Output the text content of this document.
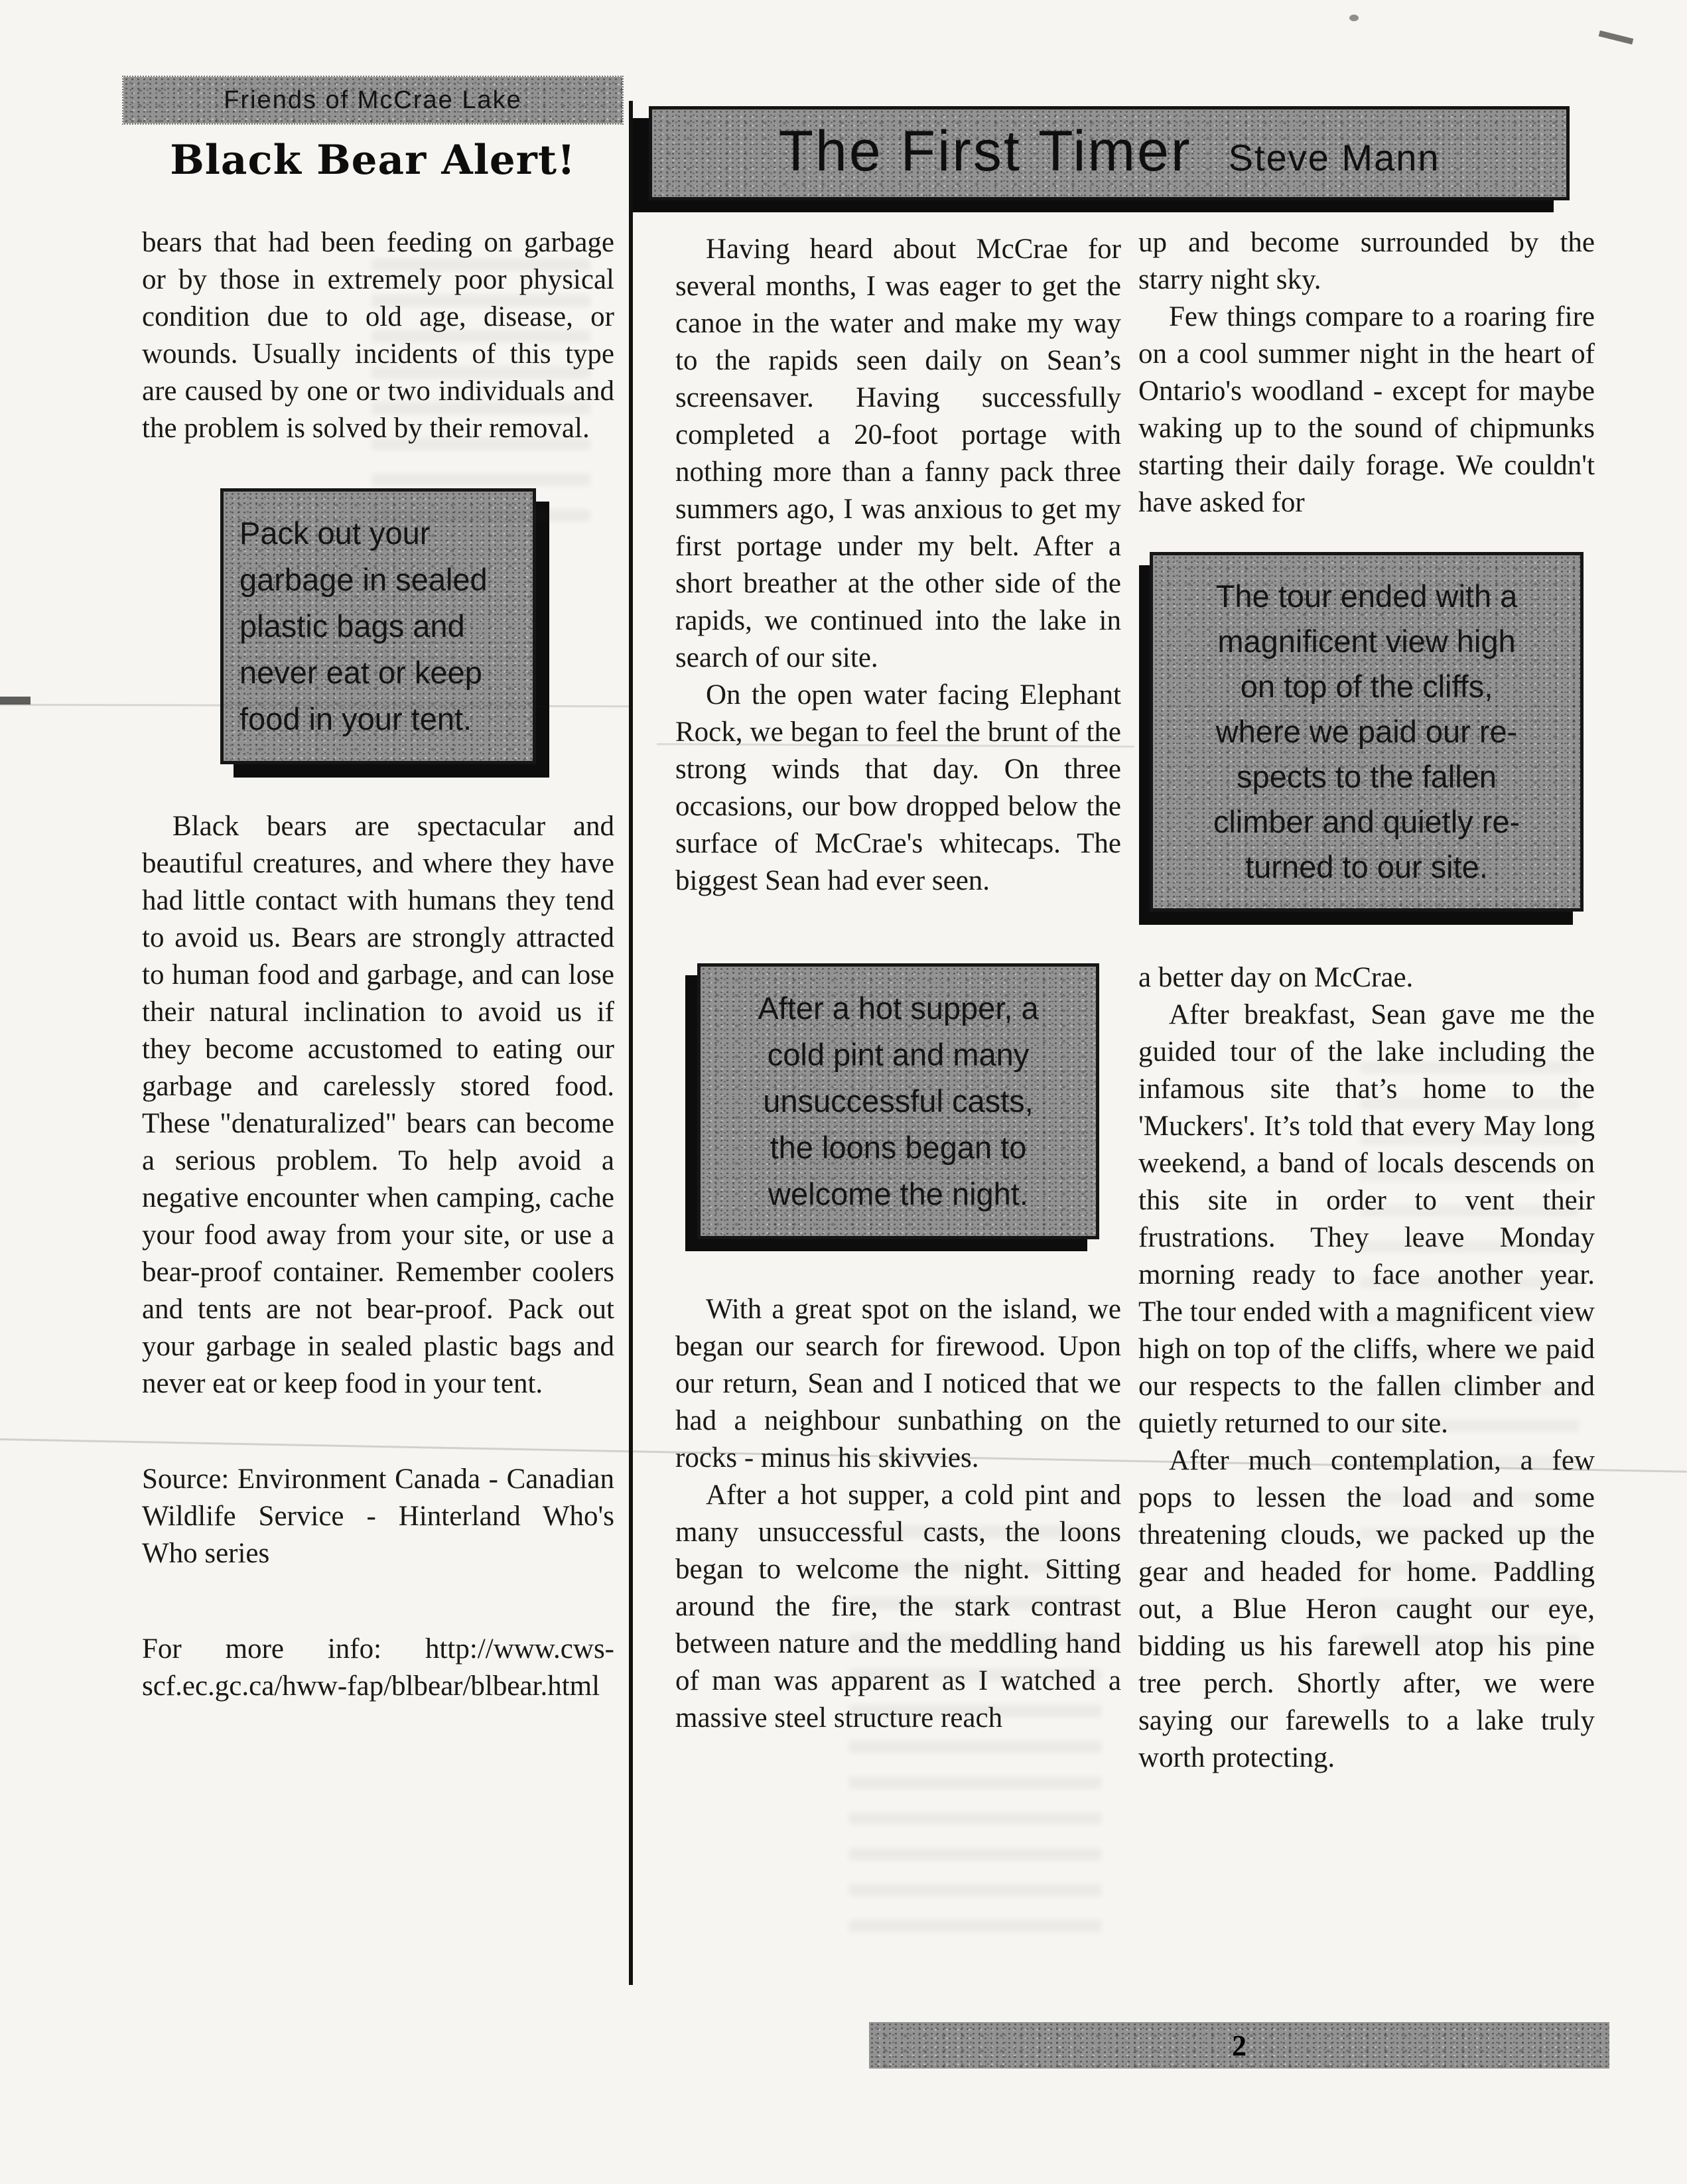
Friends of McCrae Lake
Black Bear Alert!	The First Timer Steve Mann

bears that had been feeding on garbage or by those in extremely poor physical condition due to old age, disease, or wounds. Usually incidents of this type are caused by one or two individuals and the problem is solved by their removal.

Pack out your
garbage in sealed
plastic bags and
never eat or keep
food in your tent.

Black bears are spectacular and beautiful creatures, and where they have had little contact with humans they tend to avoid us. Bears are strongly attracted to human food and garbage, and can lose their natural inclination to avoid us if they become accustomed to eating our garbage and carelessly stored food. These "denaturalized" bears can become a serious problem. To help avoid a negative encounter when camping, cache your food away from your site, or use a bear-proof container. Remember coolers and tents are not bear-proof. Pack out your garbage in sealed plastic bags and never eat or keep food in your tent.

Source: Environment Canada - Canadian Wildlife Service - Hinterland Who's Who series

For more info: http://www.cws-scf.ec.gc.ca/hww-fap/blbear/blbear.html

Having heard about McCrae for several months, I was eager to get the canoe in the water and make my way to the rapids seen daily on Sean’s screensaver. Having successfully completed a 20-foot portage with nothing more than a fanny pack three summers ago, I was anxious to get my first portage under my belt. After a short breather at the other side of the rapids, we continued into the lake in search of our site.

On the open water facing Elephant Rock, we began to feel the brunt of the strong winds that day. On three occasions, our bow dropped below the surface of McCrae's whitecaps. The biggest Sean had ever seen.

After a hot supper, a
cold pint and many
unsuccessful casts,
the loons began to
welcome the night.

With a great spot on the island, we began our search for firewood. Upon our return, Sean and I noticed that we had a neighbour sunbathing on the rocks - minus his skivvies.

After a hot supper, a cold pint and many unsuccessful casts, the loons began to welcome the night. Sitting around the fire, the stark contrast between nature and the meddling hand of man was apparent as I watched a massive steel structure reach

up and become surrounded by the starry night sky.

Few things compare to a roaring fire on a cool summer night in the heart of Ontario's woodland - except for maybe waking up to the sound of chipmunks starting their daily forage. We couldn't have asked for

The tour ended with a
magnificent view high
on top of the cliffs,
where we paid our re-
spects to the fallen
climber and quietly re-
turned to our site.

a better day on McCrae.

After breakfast, Sean gave me the guided tour of the lake including the infamous site that’s home to the 'Muckers'. It’s told that every May long weekend, a band of locals descends on this site in order to vent their frustrations. They leave Monday morning ready to face another year. The tour ended with a magnificent view high on top of the cliffs, where we paid our respects to the fallen climber and quietly returned to our site.

After much contemplation, a few pops to lessen the load and some threatening clouds, we packed up the gear and headed for home. Paddling out, a Blue Heron caught our eye, bidding us his farewell atop his pine tree perch. Shortly after, we were saying our farewells to a lake truly worth protecting.

2
